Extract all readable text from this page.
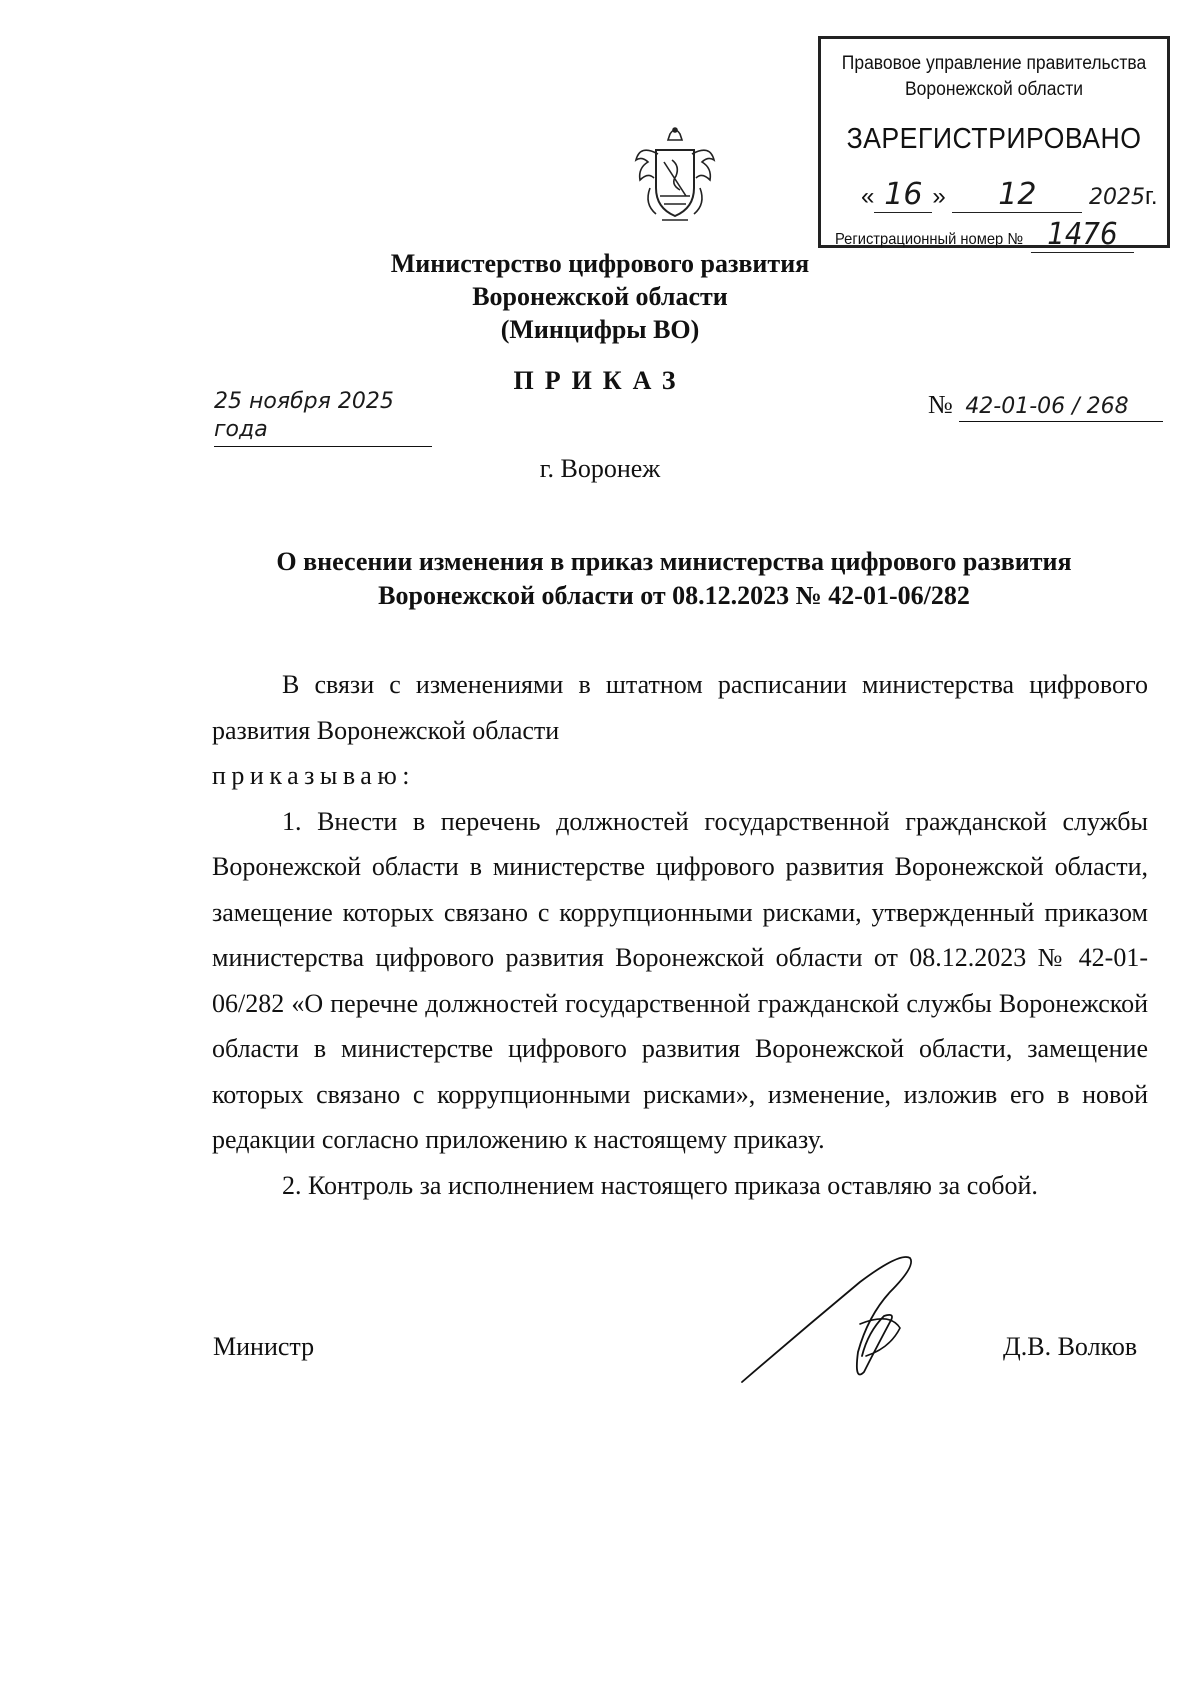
Правовое управление правительства
Воронежской области
ЗАРЕГИСТРИРОВАНО
« 16 » 12 2025г.
Регистрационный номер № 1476
Министерство цифрового развития
Воронежской области
(Минцифры ВО)
ПРИКАЗ
25 ноября 2025 года
№ 42-01-06 / 268
г. Воронеж
О внесении изменения в приказ министерства цифрового развития
Воронежской области от 08.12.2023 № 42-01-06/282

В связи с изменениями в штатном расписании министерства цифрового развития Воронежской области

приказываю:

1. Внести в перечень должностей государственной гражданской службы Воронежской области в министерстве цифрового развития Воронежской области, замещение которых связано с коррупционными рисками, утвержденный приказом министерства цифрового развития Воронежской области от 08.12.2023 № 42-01-06/282 «О перечне должностей государственной гражданской службы Воронежской области в министерстве цифрового развития Воронежской области, замещение которых связано с коррупционными рисками», изменение, изложив его в новой редакции согласно приложению к настоящему приказу.

2. Контроль за исполнением настоящего приказа оставляю за собой.

Министр	Д.В. Волков
